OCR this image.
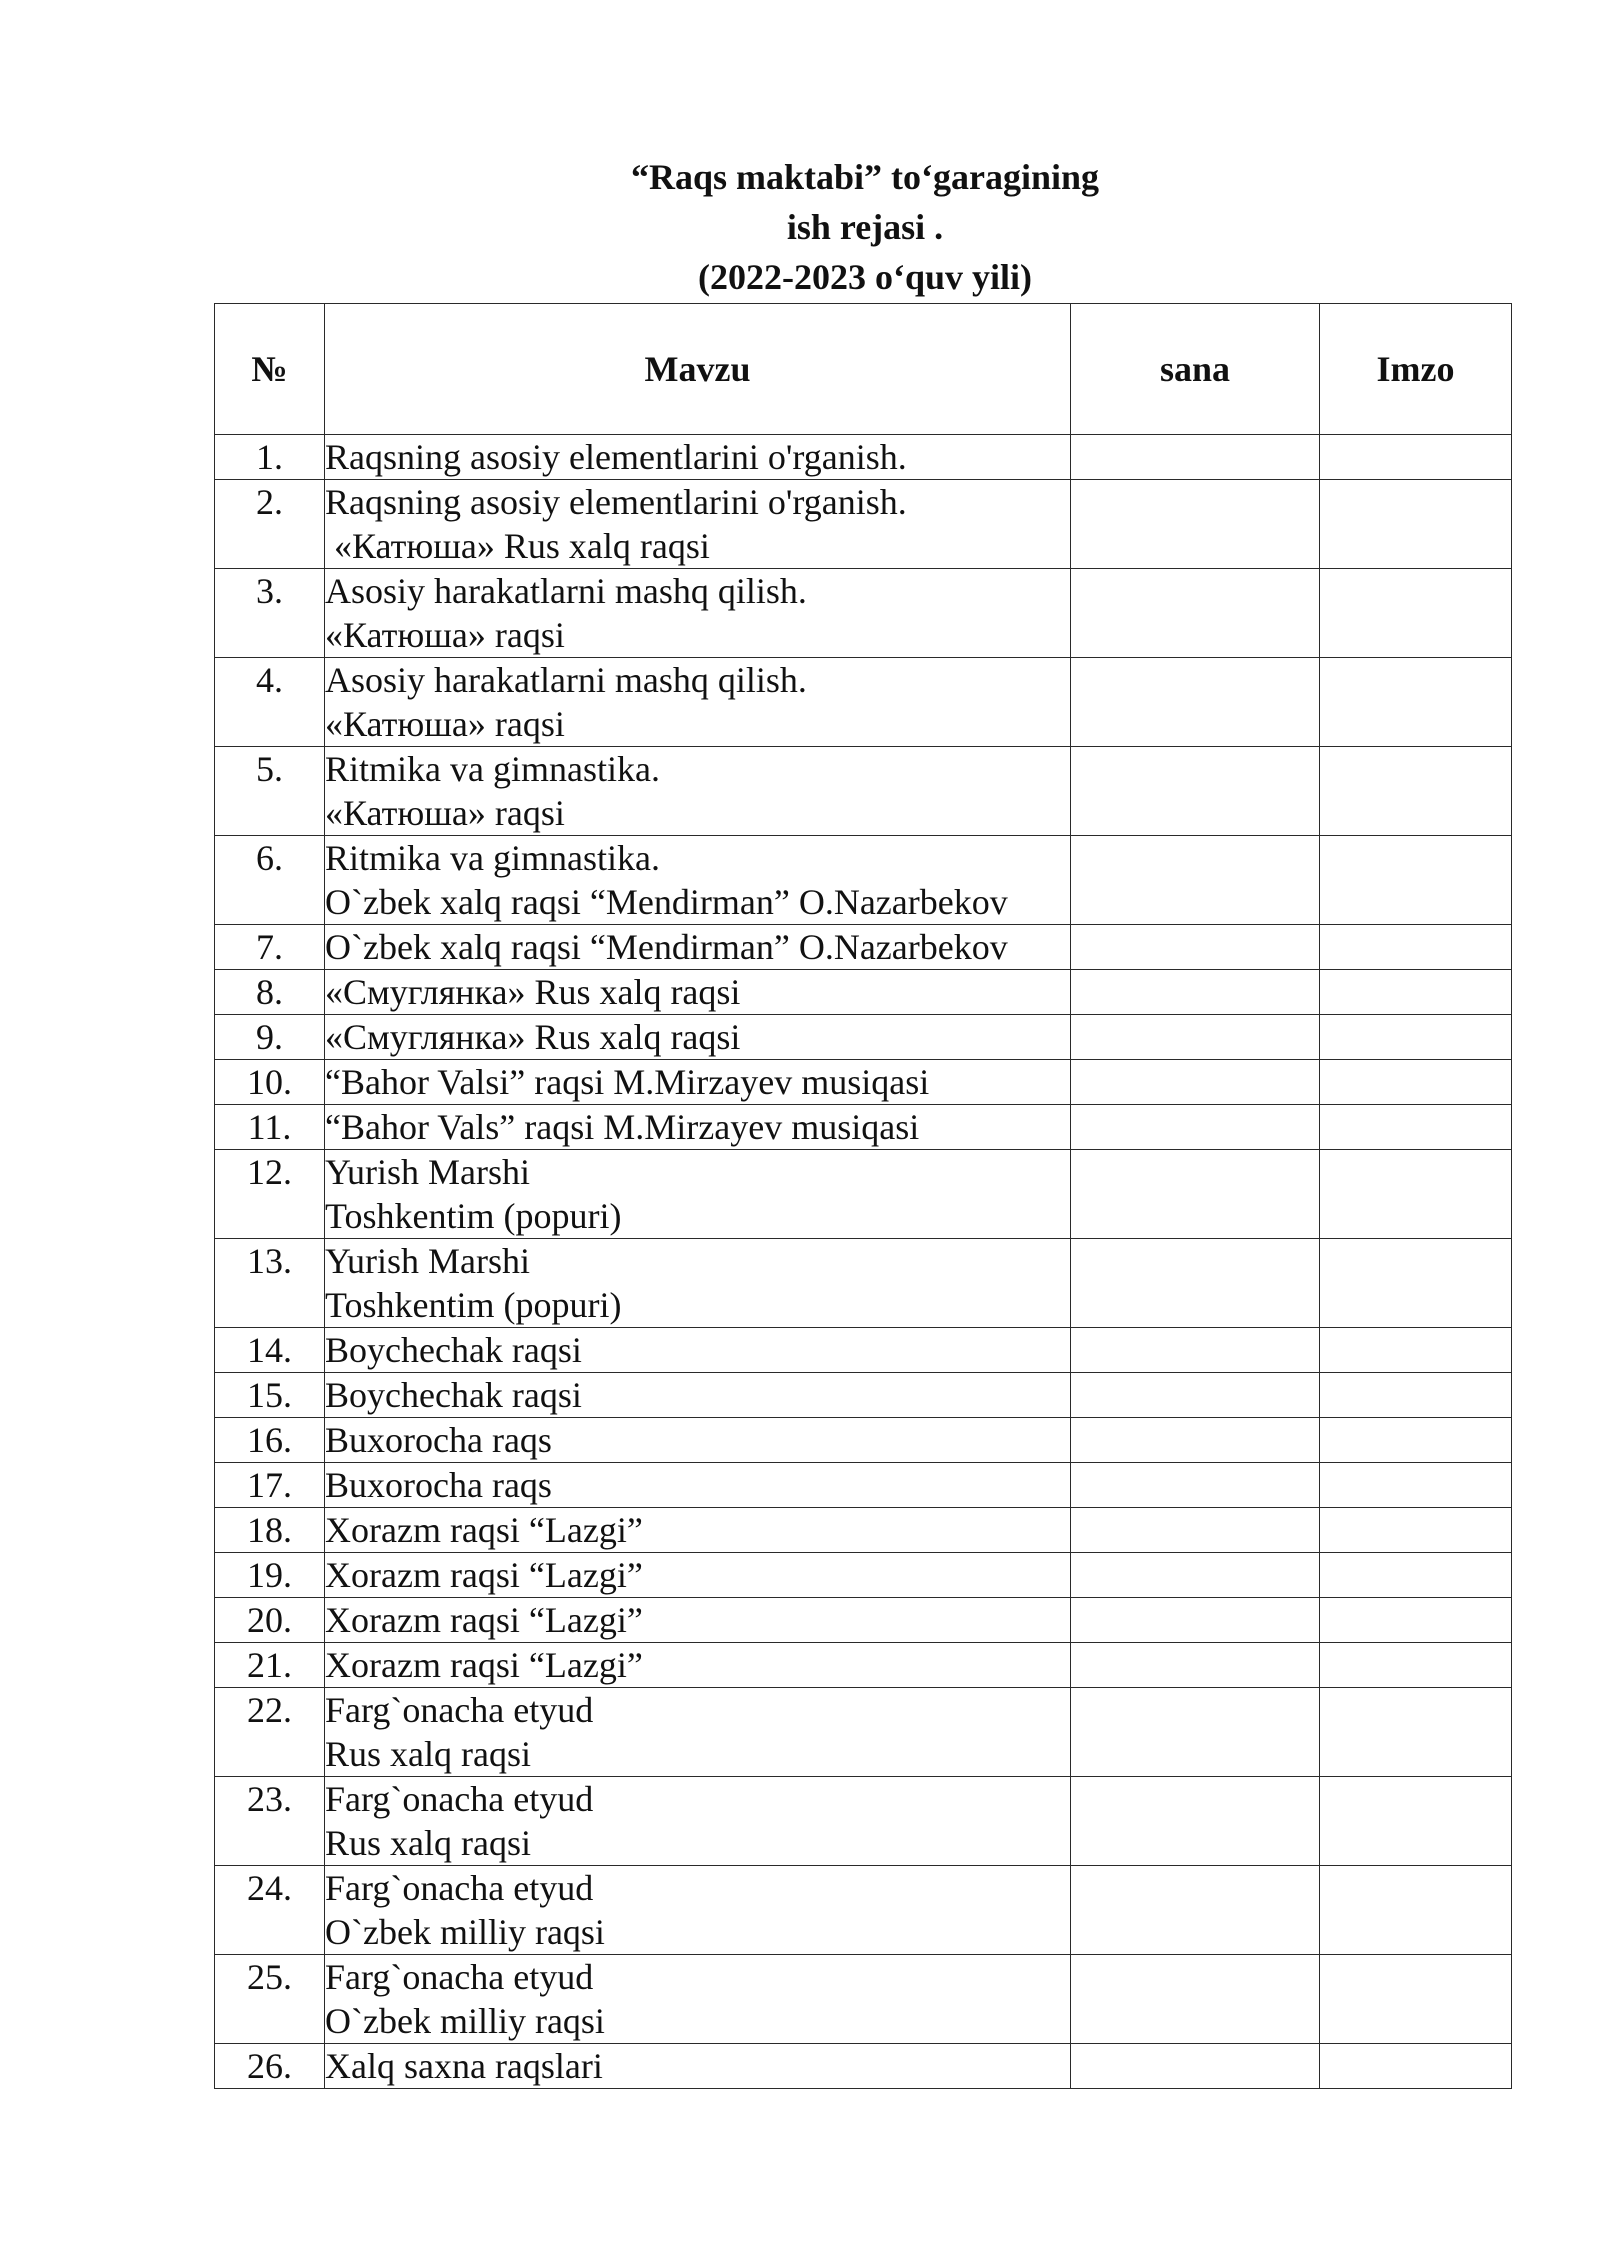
“Raqs maktabi” to‘garagining
ish rejasi .
(2022-2023 o‘quv yili)
№	Mavzu	sana	Imzo
1.	Raqsning asosiy elementlarini o'rganish.		

2.	Raqsning asosiy elementlarini o'rganish.
«Катюша» Rus xalq raqsi		

3.	Asosiy harakatlarni mashq qilish.
«Катюша» raqsi		

4.	Asosiy harakatlarni mashq qilish.
«Катюша» raqsi		

5.	Ritmika va gimnastika.
«Катюша» raqsi		

6.	Ritmika va gimnastika.
O`zbek xalq raqsi “Mendirman” O.Nazarbekov		

7.	O`zbek xalq raqsi “Mendirman” O.Nazarbekov		

8.	«Смуглянка» Rus xalq raqsi		

9.	«Смуглянка» Rus xalq raqsi		

10.	“Bahor Valsi” raqsi M.Mirzayev musiqasi		

11.	“Bahor Vals” raqsi M.Mirzayev musiqasi		

12.	Yurish Marshi
Toshkentim (popuri)		

13.	Yurish Marshi
Toshkentim (popuri)		

14.	Boychechak raqsi		

15.	Boychechak raqsi		

16.	Buxorocha raqs		

17.	Buxorocha raqs		

18.	Xorazm raqsi “Lazgi”		

19.	Xorazm raqsi “Lazgi”		

20.	Xorazm raqsi “Lazgi”		

21.	Xorazm raqsi “Lazgi”		

22.	Farg`onacha etyud
Rus xalq raqsi		

23.	Farg`onacha etyud
Rus xalq raqsi		

24.	Farg`onacha etyud
O`zbek milliy raqsi		

25.	Farg`onacha etyud
O`zbek milliy raqsi		

26.	Xalq saxna raqslari		
